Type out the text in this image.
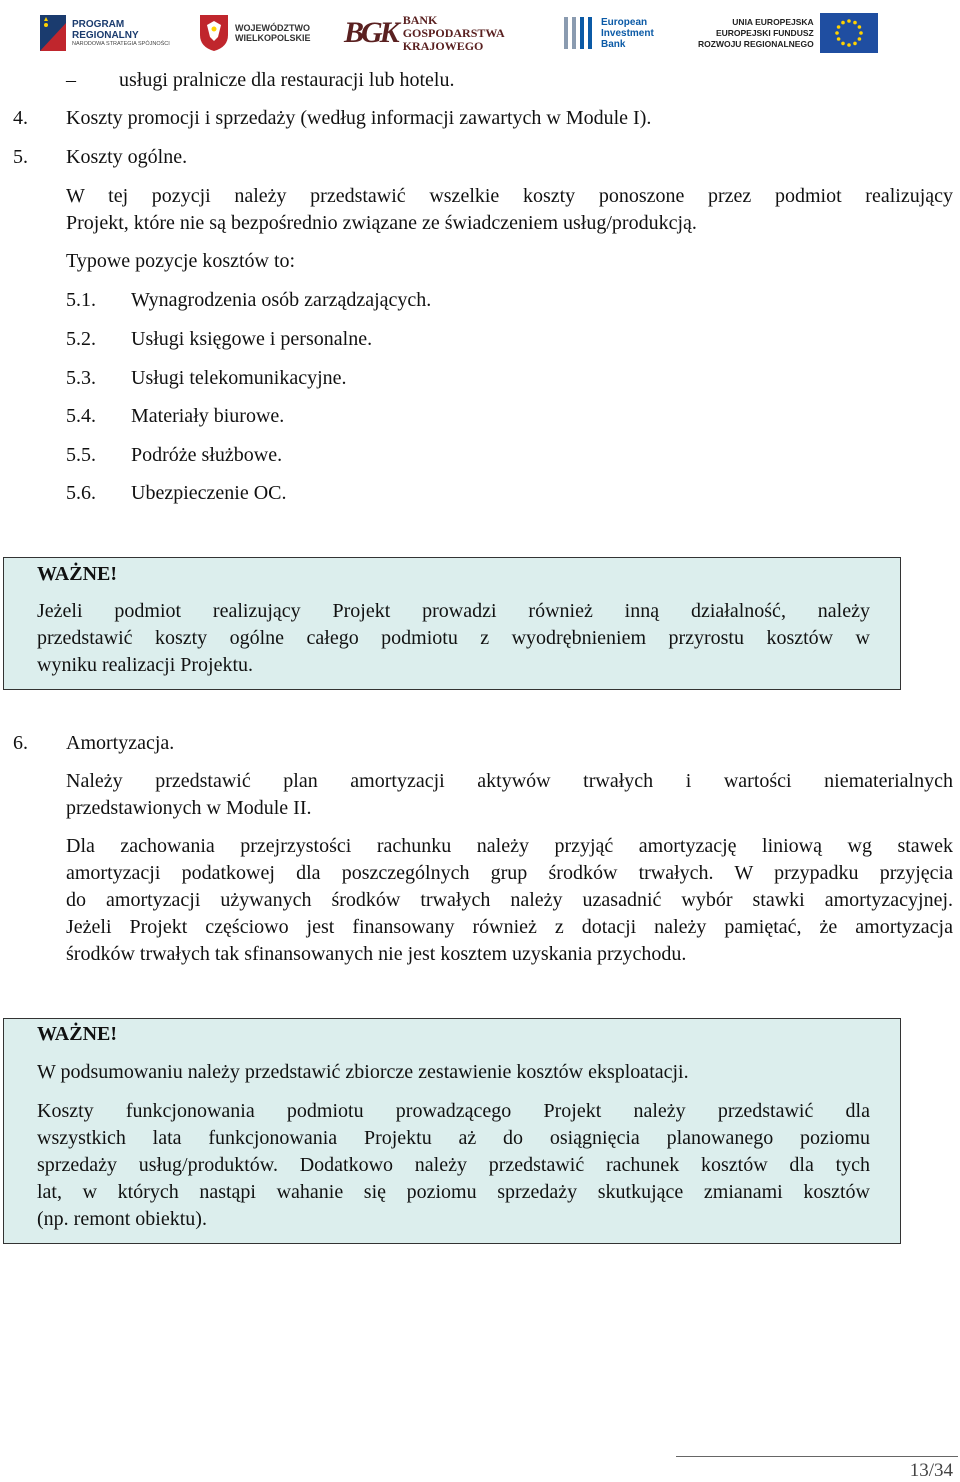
PROGRAM
REGIONALNY
NARODOWA STRATEGIA SPÓJNOŚCI
WOJEWÓDZTWO
WIELKOPOLSKIE BGK BANK
GOSPODARSTWA
KRAJOWEGO
European
Investment
Bank
UNIA EUROPEJSKA
EUROPEJSKI FUNDUSZ
ROZWOJU REGIONALNEGO
– usługi pralnicze dla restauracji lub hotelu.
4. Koszty promocji i sprzedaży (według informacji zawartych w Module I).
5. Koszty ogólne.
W tej pozycji należy przedstawić wszelkie koszty ponoszone przez podmiot realizujący
Projekt, które nie są bezpośrednio związane ze świadczeniem usług/produkcją.
Typowe pozycje kosztów to:
5.1. Wynagrodzenia osób zarządzających.
5.2. Usługi księgowe i personalne.
5.3. Usługi telekomunikacyjne.
5.4. Materiały biurowe.
5.5. Podróże służbowe.
5.6. Ubezpieczenie OC.
WAŻNE!
Jeżeli podmiot realizujący Projekt prowadzi również inną działalność, należy
przedstawić koszty ogólne całego podmiotu z wyodrębnieniem przyrostu kosztów w
wyniku realizacji Projektu.
6. Amortyzacja.
Należy przedstawić plan amortyzacji aktywów trwałych i wartości niematerialnych
przedstawionych w Module II.
Dla zachowania przejrzystości rachunku należy przyjąć amortyzację liniową wg stawek
amortyzacji podatkowej dla poszczególnych grup środków trwałych. W przypadku przyjęcia
do amortyzacji używanych środków trwałych należy uzasadnić wybór stawki amortyzacyjnej.
Jeżeli Projekt częściowo jest finansowany również z dotacji należy pamiętać, że amortyzacja
środków trwałych tak sfinansowanych nie jest kosztem uzyskania przychodu.
WAŻNE!
W podsumowaniu należy przedstawić zbiorcze zestawienie kosztów eksploatacji.
Koszty funkcjonowania podmiotu prowadzącego Projekt należy przedstawić dla
wszystkich lata funkcjonowania Projektu aż do osiągnięcia planowanego poziomu
sprzedaży usług/produktów. Dodatkowo należy przedstawić rachunek kosztów dla tych
lat, w których nastąpi wahanie się poziomu sprzedaży skutkujące zmianami kosztów
(np. remont obiektu).
13/34
